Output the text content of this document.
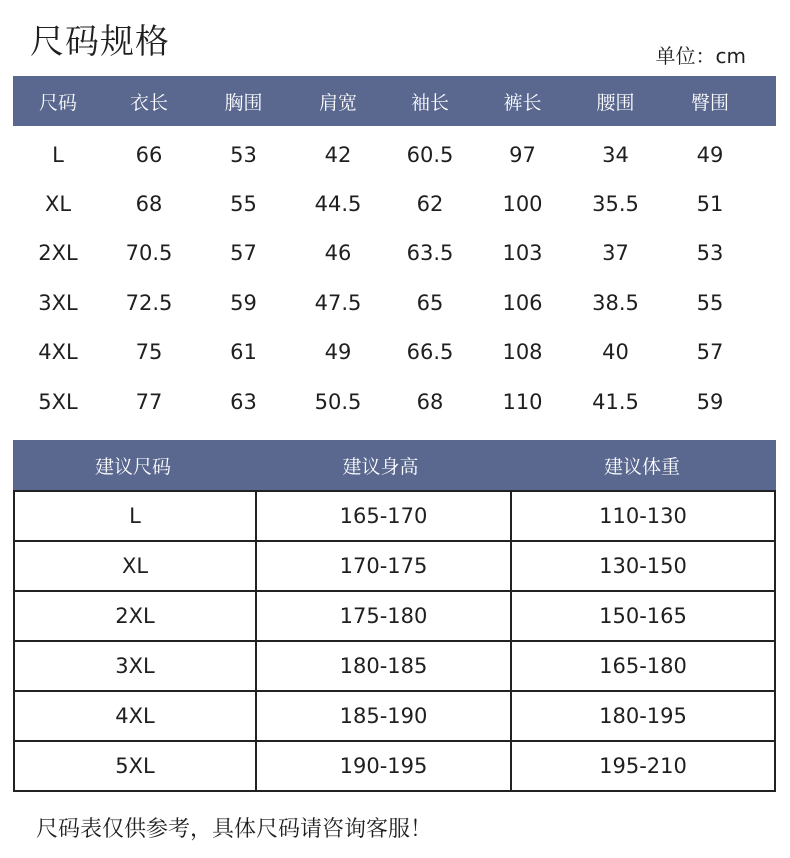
尺码规格	单位：cm
尺码	衣长	胸围	肩宽	袖长	裤长	腰围	臀围
L	66	53	42	60.5	97	34	49
XL	68	55	44.5	62	100	35.5	51
2XL	70.5	57	46	63.5	103	37	53
3XL	72.5	59	47.5	65	106	38.5	55
4XL	75	61	49	66.5	108	40	57
5XL	77	63	50.5	68	110	41.5	59
建议尺码	建议身高	建议体重
L	165-170	110-130
XL	170-175	130-150
2XL	175-180	150-165
3XL	180-185	165-180
4XL	185-190	180-195
5XL	190-195	195-210
尺码表仅供参考，具体尺码请咨询客服！
